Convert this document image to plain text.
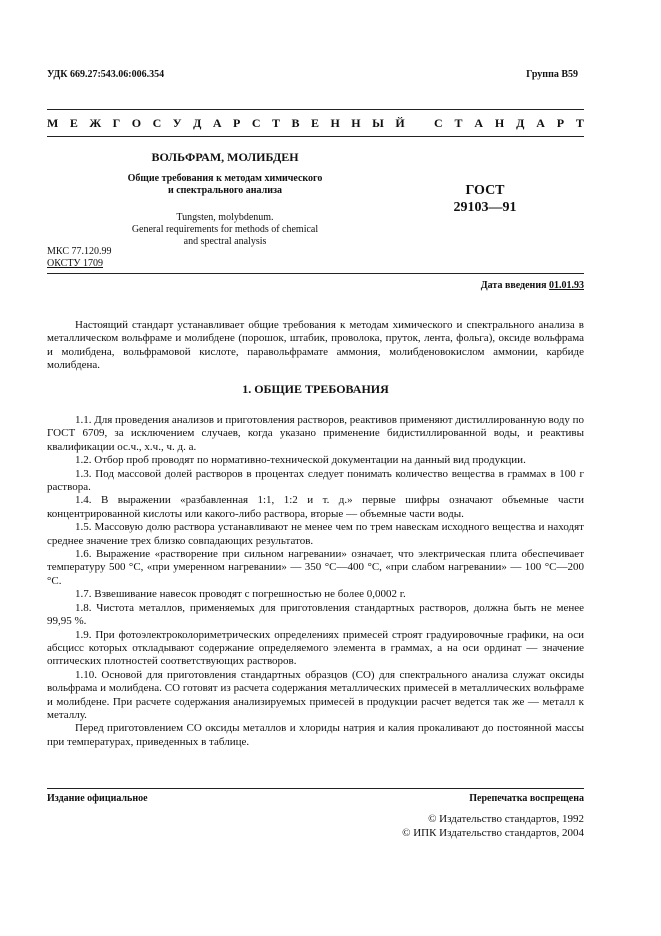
УДК 669.27:543.06:006.354	Группа В59
М Е Ж Г О С У Д А Р С Т В Е Н Н Ы Й С Т А Н Д А Р Т
ВОЛЬФРАМ, МОЛИБДЕН
Общие требования к методам химического
и спектрального анализа
Tungsten, molybdenum.
General requirements for methods of chemical
and spectral analysis
ГОСТ
29103—91
МКС 77.120.99
ОКСТУ 1709
Дата введения 01.01.93

Настоящий стандарт устанавливает общие требования к методам химического и спектрального анализа в металлическом вольфраме и молибдене (порошок, штабик, проволока, пруток, лента, фольга), оксиде вольфрама и молибдена, вольфрамовой кислоте, паравольфрамате аммония, молибденовокислом аммонии, карбиде молибдена.

1. ОБЩИЕ ТРЕБОВАНИЯ

1.1. Для проведения анализов и приготовления растворов, реактивов применяют дистиллированную воду по ГОСТ 6709, за исключением случаев, когда указано применение бидистиллированной воды, и реактивы квалификации ос.ч., х.ч., ч. д. а.

1.2. Отбор проб проводят по нормативно-технической документации на данный вид продукции.

1.3. Под массовой долей растворов в процентах следует понимать количество вещества в граммах в 100 г раствора.

1.4. В выражении «разбавленная 1:1, 1:2 и т. д.» первые шифры означают объемные части концентрированной кислоты или какого-либо раствора, вторые — объемные части воды.

1.5. Массовую долю раствора устанавливают не менее чем по трем навескам исходного вещества и находят среднее значение трех близко совпадающих результатов.

1.6. Выражение «растворение при сильном нагревании» означает, что электрическая плита обеспечивает температуру 500 °С, «при умеренном нагревании» — 350 °С—400 °С, «при слабом нагревании» — 100 °С—200 °С.

1.7. Взвешивание навесок проводят с погрешностью не более 0,0002 г.

1.8. Чистота металлов, применяемых для приготовления стандартных растворов, должна быть не менее 99,95 %.

1.9. При фотоэлектроколориметрических определениях примесей строят градуировочные графики, на оси абсцисс которых откладывают содержание определяемого элемента в граммах, а на оси ординат — значение оптических плотностей соответствующих растворов.

1.10. Основой для приготовления стандартных образцов (СО) для спектрального анализа служат оксиды вольфрама и молибдена. СО готовят из расчета содержания металлических примесей в металлических вольфраме и молибдене. При расчете содержания анализируемых примесей в продукции расчет ведется так же — металл к металлу.

Перед приготовлением СО оксиды металлов и хлориды натрия и калия прокаливают до постоянной массы при температурах, приведенных в таблице.

Издание официальное	Перепечатка воспрещена
© Издательство стандартов, 1992
© ИПК Издательство стандартов, 2004
